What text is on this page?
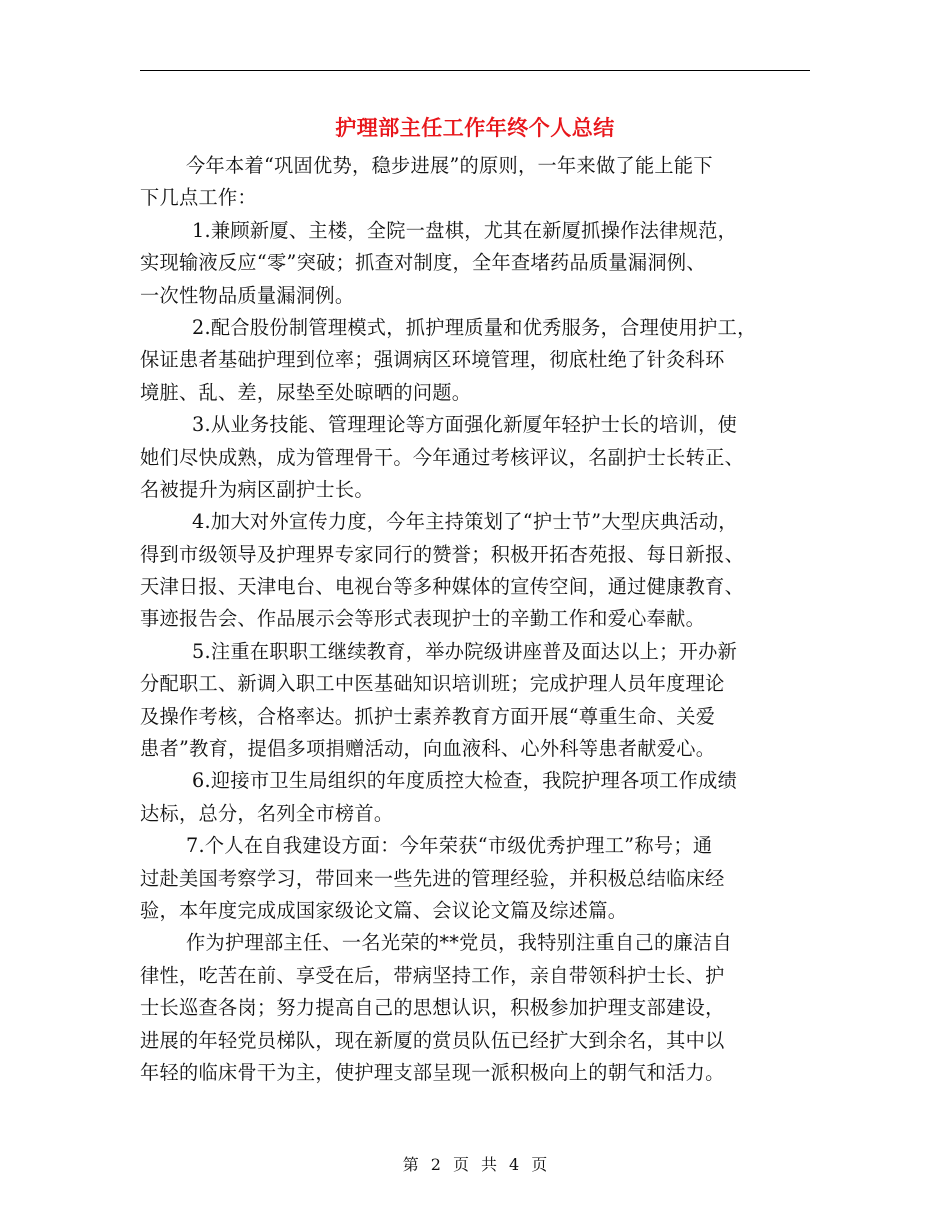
护理部主任工作年终个人总结
今年本着“巩固优势，稳步进展”的原则，一年来做了能上能下
下几点工作：
1.兼顾新厦、主楼，全院一盘棋，尤其在新厦抓操作法律规范，
实现输液反应“零”突破；抓查对制度，全年查堵药品质量漏洞例、
一次性物品质量漏洞例。
2.配合股份制管理模式，抓护理质量和优秀服务，合理使用护工，
保证患者基础护理到位率；强调病区环境管理，彻底杜绝了针灸科环
境脏、乱、差，尿垫至处晾晒的问题。
3.从业务技能、管理理论等方面强化新厦年轻护士长的培训，使
她们尽快成熟，成为管理骨干。今年通过考核评议，名副护士长转正、
名被提升为病区副护士长。
4.加大对外宣传力度，今年主持策划了“护士节”大型庆典活动，
得到市级领导及护理界专家同行的赞誉；积极开拓杏苑报、每日新报、
天津日报、天津电台、电视台等多种媒体的宣传空间，通过健康教育、
事迹报告会、作品展示会等形式表现护士的辛勤工作和爱心奉献。
5.注重在职职工继续教育，举办院级讲座普及面达以上；开办新
分配职工、新调入职工中医基础知识培训班；完成护理人员年度理论
及操作考核，合格率达。抓护士素养教育方面开展“尊重生命、关爱
患者”教育，提倡多项捐赠活动，向血液科、心外科等患者献爱心。
6.迎接市卫生局组织的年度质控大检查，我院护理各项工作成绩
达标，总分，名列全市榜首。
7.个人在自我建设方面：今年荣获“市级优秀护理工”称号；通
过赴美国考察学习，带回来一些先进的管理经验，并积极总结临床经
验，本年度完成成国家级论文篇、会议论文篇及综述篇。
作为护理部主任、一名光荣的**党员，我特别注重自己的廉洁自
律性，吃苦在前、享受在后，带病坚持工作，亲自带领科护士长、护
士长巡查各岗；努力提高自己的思想认识，积极参加护理支部建设，
进展的年轻党员梯队，现在新厦的赏员队伍已经扩大到余名，其中以
年轻的临床骨干为主，使护理支部呈现一派积极向上的朝气和活力。
第 2 页 共 4 页
